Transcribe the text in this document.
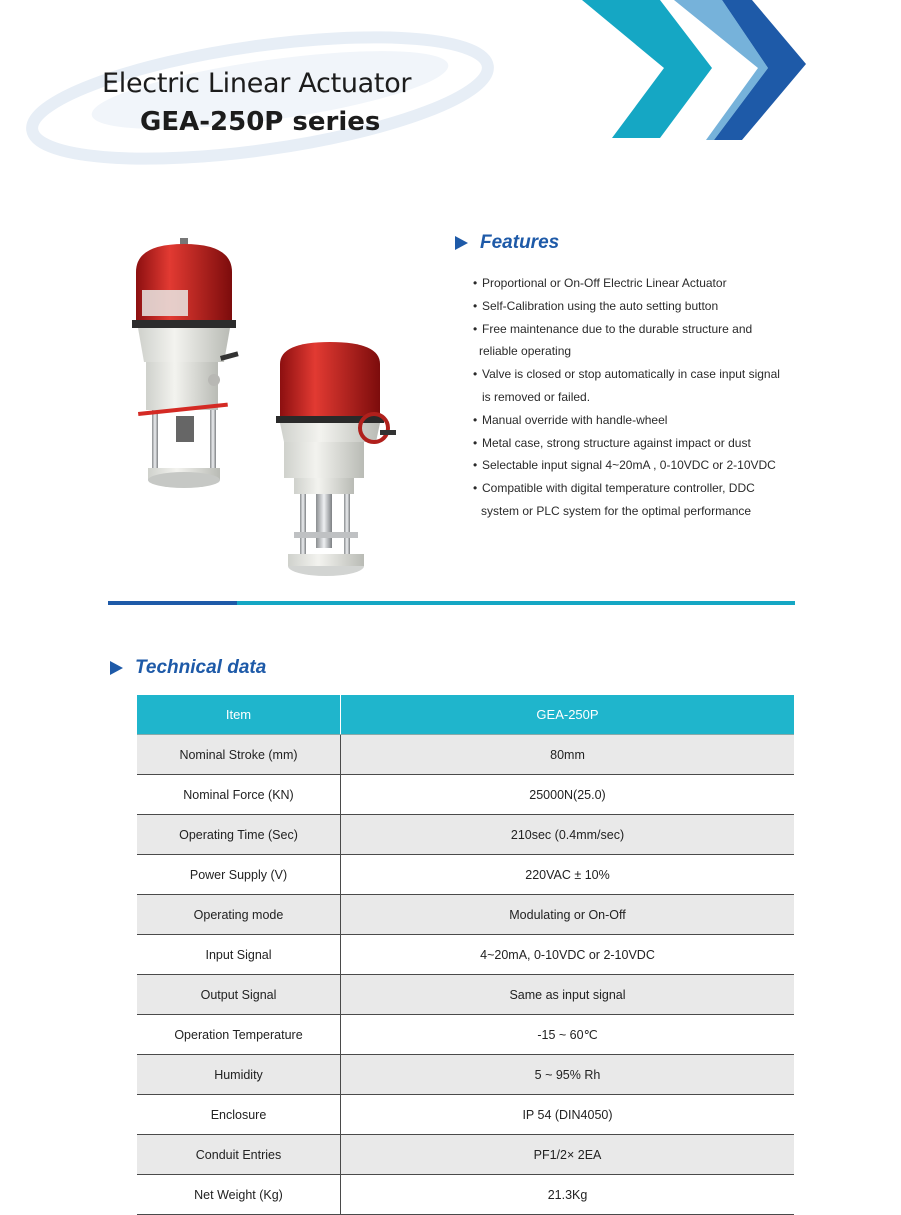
Electric Linear Actuator
GEA-250P series
Features
• Proportional or On-Off Electric Linear Actuator
• Self-Calibration using the auto setting button
• Free maintenance due to the durable structure and
reliable operating
• Valve is closed or stop automatically in case input signal
is removed or failed.
• Manual override with handle-wheel
• Metal case, strong structure against impact or dust
• Selectable input signal 4~20mA , 0-10VDC or 2-10VDC
• Compatible with digital temperature controller, DDC
system or PLC system for the optimal performance
Technical data
Item	GEA-250P
Nominal Stroke (mm)	80mm
Nominal Force (KN)	25000N(25.0)
Operating Time (Sec)	210sec (0.4mm/sec)
Power Supply (V)	220VAC ± 10%
Operating mode	Modulating or On-Off
Input Signal	4~20mA, 0-10VDC or 2-10VDC
Output Signal	Same as input signal
Operation Temperature	-15 ~ 60℃
Humidity	5 ~ 95% Rh
Enclosure	IP 54 (DIN4050)
Conduit Entries	PF1/2× 2EA
Net Weight (Kg)	21.3Kg
